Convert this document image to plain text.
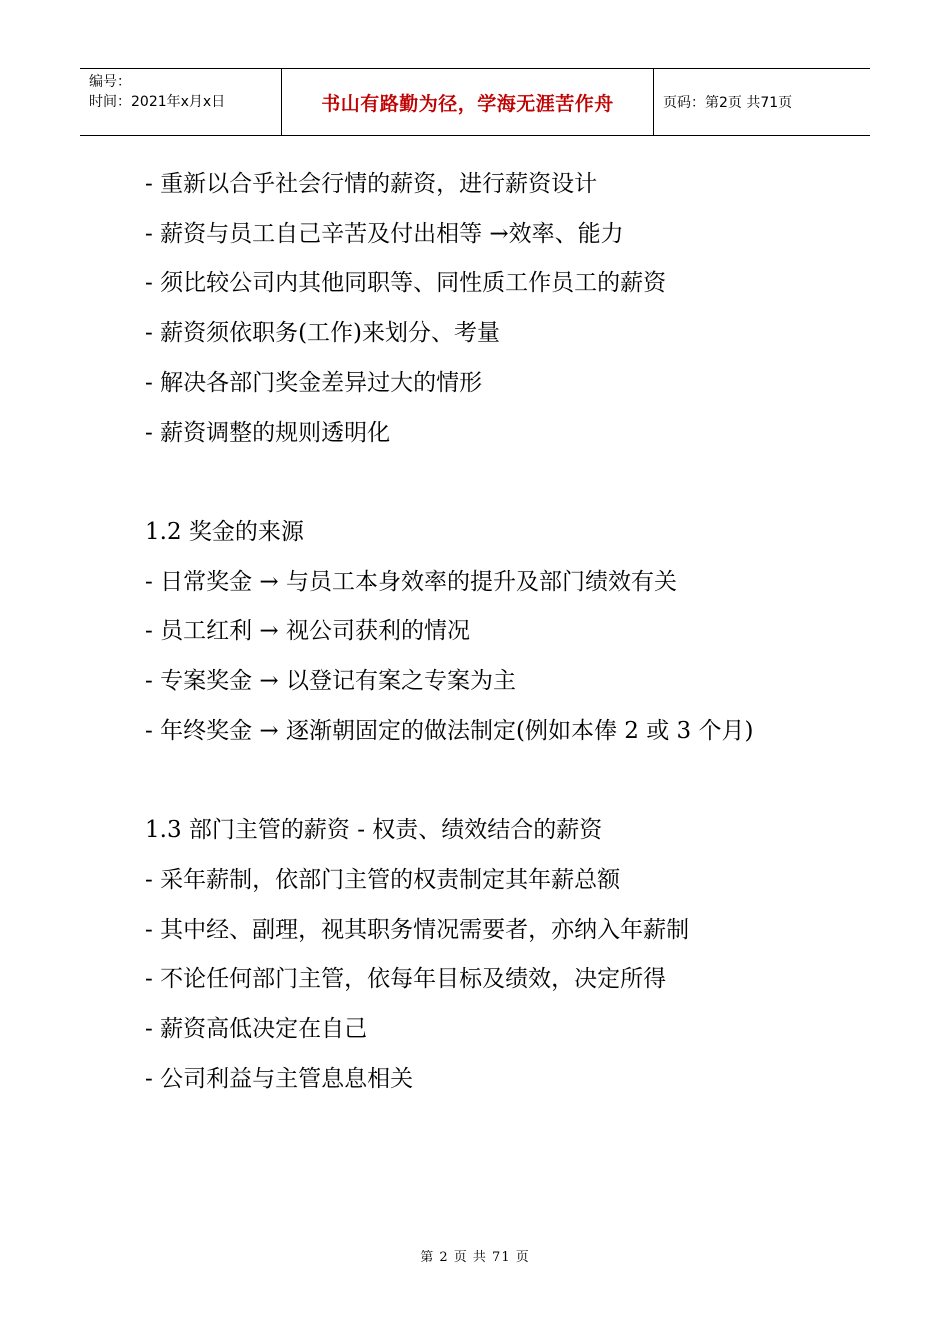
编号：
时间：2021年x月x日	书山有路勤为径，学海无涯苦作舟	页码：第2页 共71页

- 重新以合乎社会行情的薪资，进行薪资设计

- 薪资与员工自己辛苦及付出相等 →效率、能力

- 须比较公司内其他同职等、同性质工作员工的薪资

- 薪资须依职务(工作)来划分、考量

- 解决各部门奖金差异过大的情形

- 薪资调整的规则透明化

1.2 奖金的来源

- 日常奖金 → 与员工本身效率的提升及部门绩效有关

- 员工红利 → 视公司获利的情况

- 专案奖金 → 以登记有案之专案为主

- 年终奖金 → 逐渐朝固定的做法制定(例如本俸 2 或 3 个月)

1.3 部门主管的薪资 - 权责、绩效结合的薪资

- 采年薪制，依部门主管的权责制定其年薪总额

- 其中经、副理，视其职务情况需要者，亦纳入年薪制

- 不论任何部门主管，依每年目标及绩效，决定所得

- 薪资高低决定在自己

- 公司利益与主管息息相关

第 2 页 共 71 页
